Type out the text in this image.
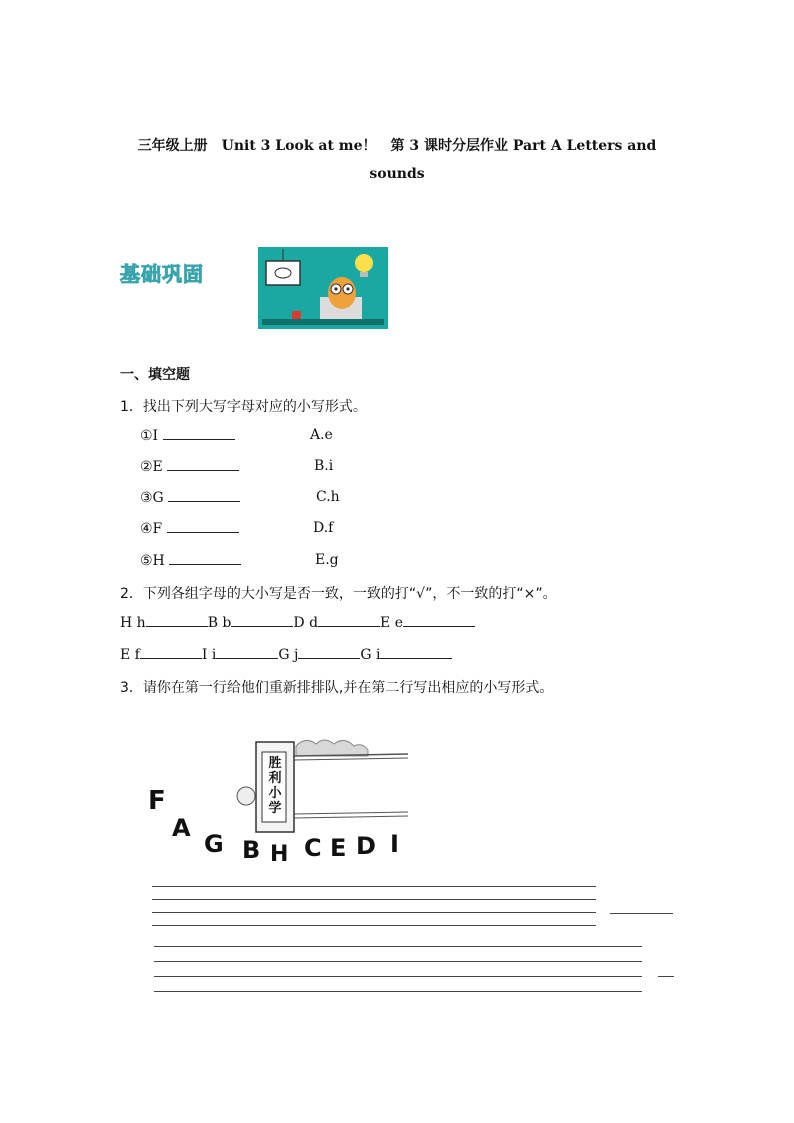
三年级上册　Unit 3 Look at me！　第 3 课时分层作业 Part A Letters and
sounds
基础巩固
一、填空题
1．找出下列大写字母对应的小写形式。
①I	A.e
②E	B.i
③G	C.h
④F	D.f
⑤H	E.g
2．下列各组字母的大小写是否一致，一致的打“√”，不一致的打“×”。
H h	B b	D d	E e
E f	I i	G j	G i
3．请你在第一行给他们重新排排队,并在第二行写出相应的小写形式。
胜
利
小
学
F
A
G B H C E D I
